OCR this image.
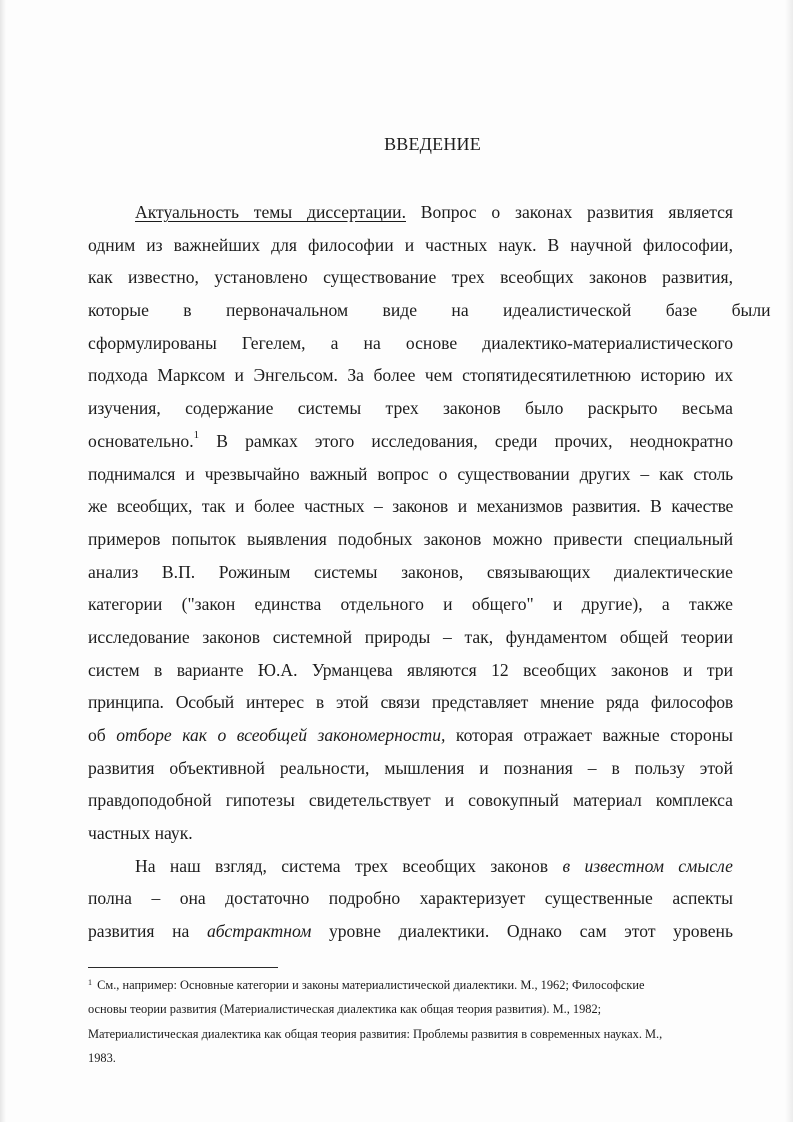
ВВЕДЕНИЕ
Актуальность темы диссертации. Вопрос о законах развития является
одним из важнейших для философии и частных наук. В научной философии,
как известно, установлено существование трех всеобщих законов развития,
которые в первоначальном виде на идеалистической базе были
сформулированы Гегелем, а на основе диалектико-материалистического
подхода Марксом и Энгельсом. За более чем стопятидесятилетнюю историю их
изучения, содержание системы трех законов было раскрыто весьма
основательно.$^1$ В рамках этого исследования, среди прочих, неоднократно
поднимался и чрезвычайно важный вопрос о существовании других – как столь
же всеобщих, так и более частных – законов и механизмов развития. В качестве
примеров попыток выявления подобных законов можно привести специальный
анализ В.П. Рожиным системы законов, связывающих диалектические
категории ("закон единства отдельного и общего" и другие), а также
исследование законов системной природы – так, фундаментом общей теории
систем в варианте Ю.А. Урманцева являются 12 всеобщих законов и три
принципа. Особый интерес в этой связи представляет мнение ряда философов
об отборе как о всеобщей закономерности, которая отражает важные стороны
развития объективной реальности, мышления и познания – в пользу этой
правдоподобной гипотезы свидетельствует и совокупный материал комплекса
частных наук.
На наш взгляд, система трех всеобщих законов в известном смысле
полна – она достаточно подробно характеризует существенные аспекты
развития на абстрактном уровне диалектики. Однако сам этот уровень
$^1$ См., например: Основные категории и законы материалистической диалектики. М., 1962; Философские
основы теории развития (Материалистическая диалектика как общая теория развития). М., 1982;
Материалистическая диалектика как общая теория развития: Проблемы развития в современных науках. М.,
1983.
